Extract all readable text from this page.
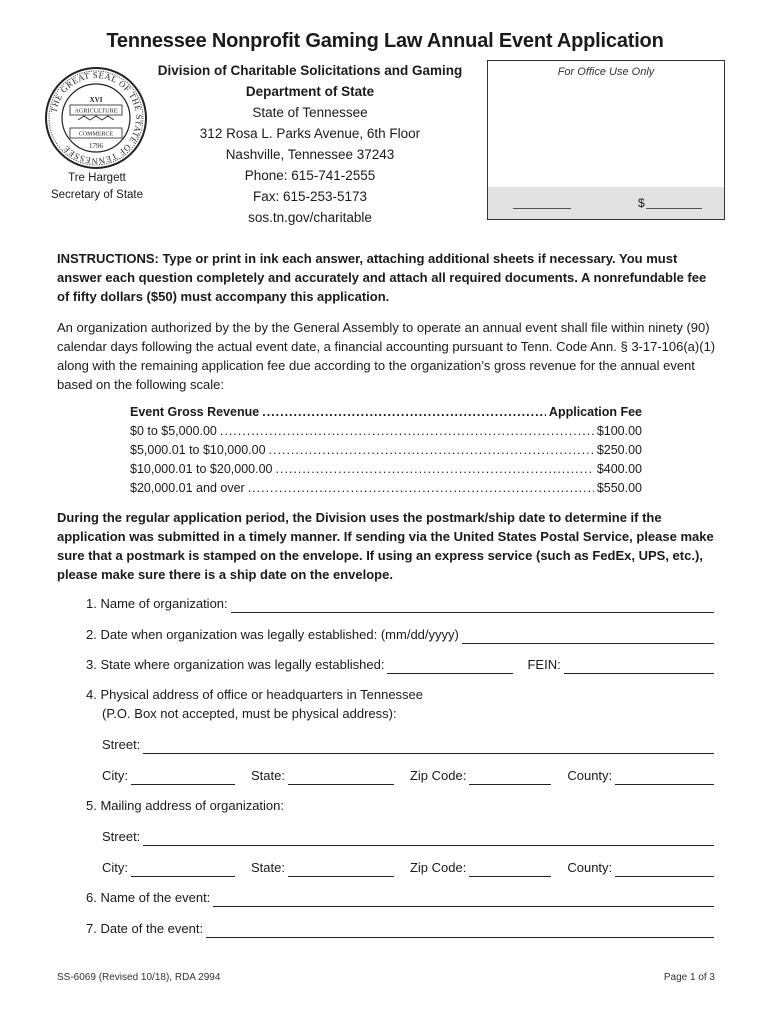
Tennessee Nonprofit Gaming Law Annual Event Application
THE GREAT SEAL OF THE STATE OF TENNESSEE
XVI
AGRICULTURE
COMMERCE
1796
Tre Hargett
Secretary of State
Division of Charitable Solicitations and Gaming
Department of State
State of Tennessee
312 Rosa L. Parks Avenue, 6th Floor
Nashville, Tennessee 37243
Phone: 615-741-2555
Fax: 615-253-5173
sos.tn.gov/charitable
For Office Use Only
$
INSTRUCTIONS: Type or print in ink each answer, attaching additional sheets if necessary. You must answer each question completely and accurately and attach all required documents. A nonrefundable fee of fifty dollars ($50) must accompany this application.
An organization authorized by the by the General Assembly to operate an annual event shall file within ninety (90) calendar days following the actual event date, a financial accounting pursuant to Tenn. Code Ann. § 3-17-106(a)(1) along with the remaining application fee due according to the organization’s gross revenue for the annual event based on the following scale:
Event Gross Revenue .....	Application Fee
$0 to $5,000.00 .....	$100.00
$5,000.01 to $10,000.00 .....	$250.00
$10,000.01 to $20,000.00 .....	$400.00
$20,000.01 and over .....	$550.00
During the regular application period, the Division uses the postmark/ship date to determine if the application was submitted in a timely manner. If sending via the United States Postal Service, please make sure that a postmark is stamped on the envelope. If using an express service (such as FedEx, UPS, etc.), please make sure there is a ship date on the envelope.
1. Name of organization:
2. Date when organization was legally established: (mm/dd/yyyy)
3. State where organization was legally established:	FEIN:
4. Physical address of office or headquarters in Tennessee
(P.O. Box not accepted, must be physical address):
Street:
City:	State:	Zip Code:	County:
5. Mailing address of organization:
Street:
City:	State:	Zip Code:	County:
6. Name of the event:
7. Date of the event:
SS-6069 (Revised 10/18), RDA 2994	Page 1 of 3
